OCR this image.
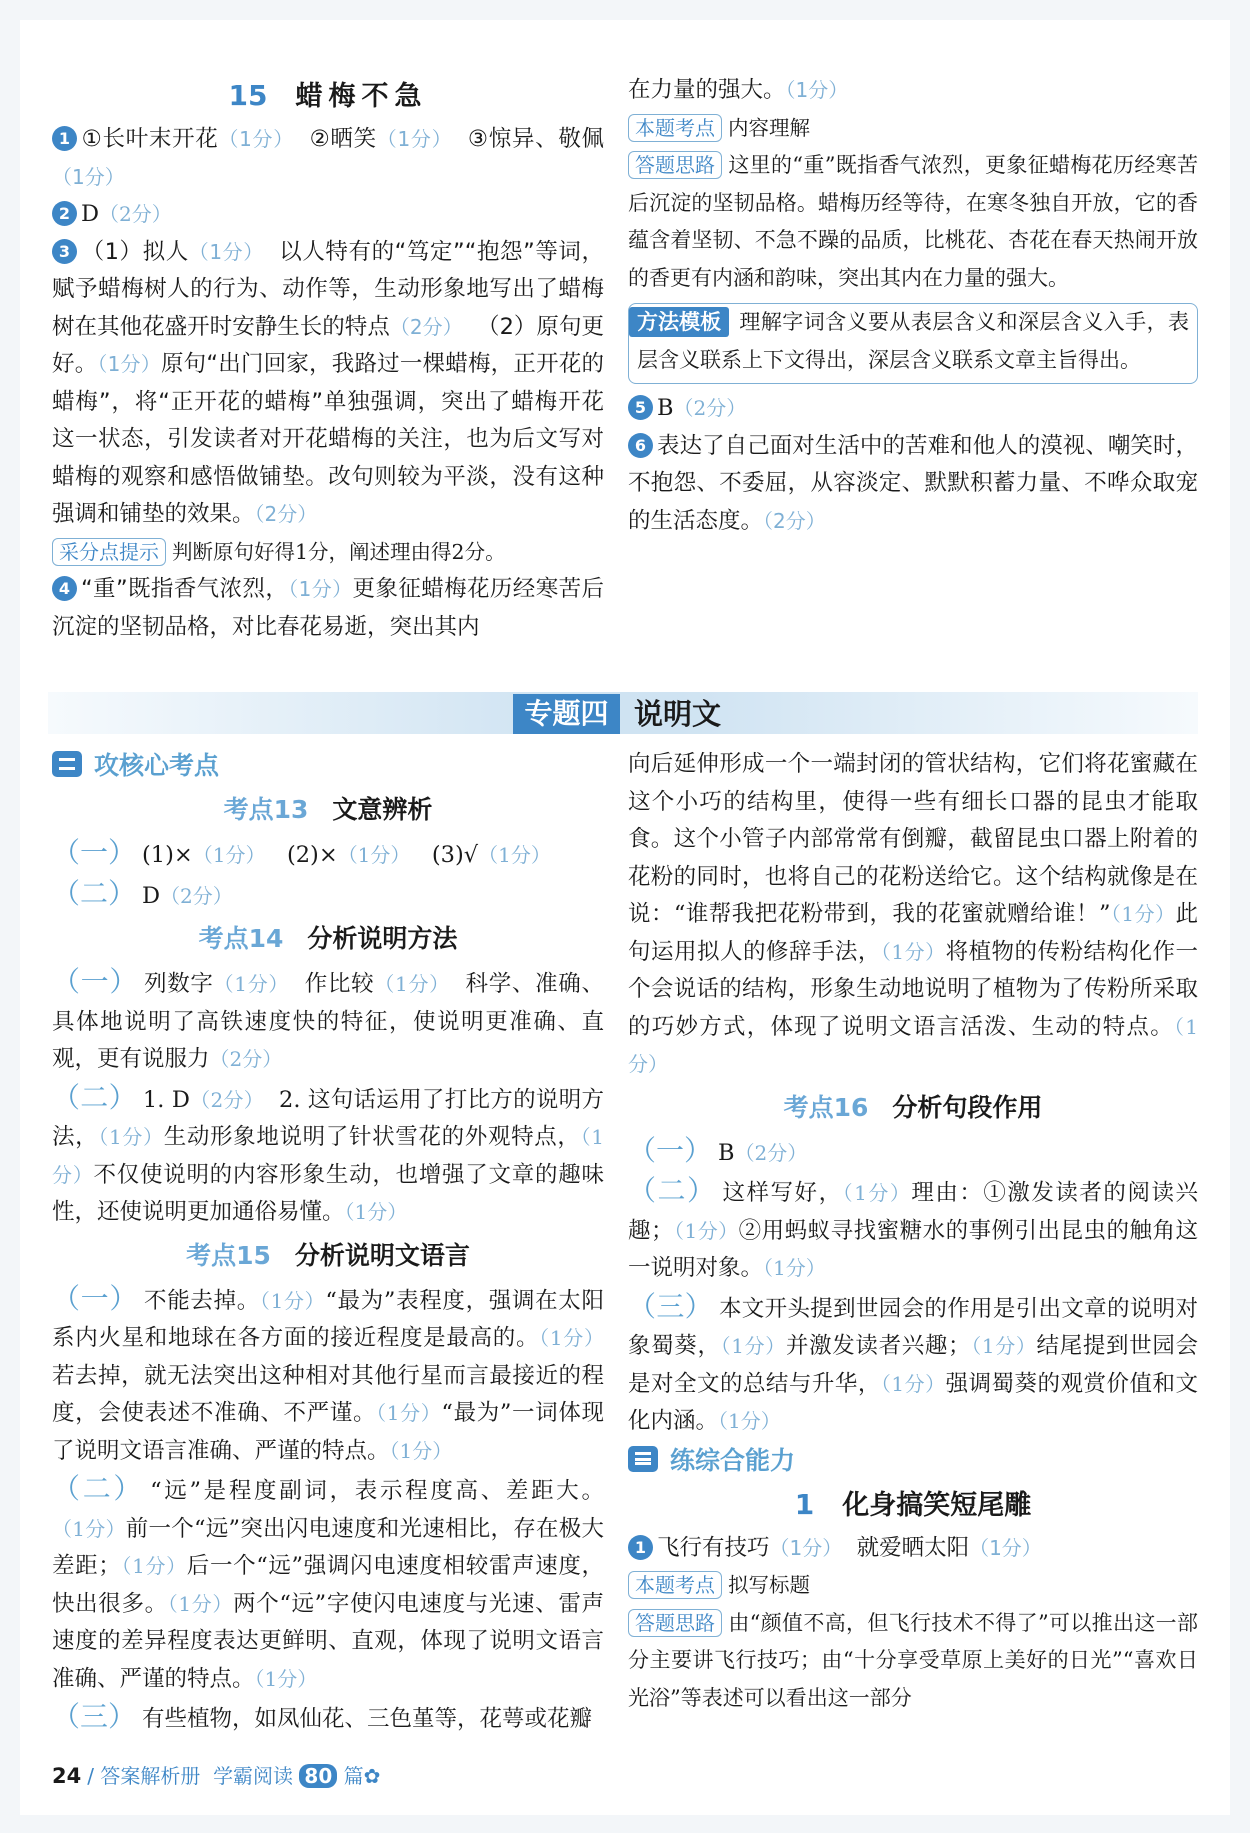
15 蜡梅不急

1 ①长叶末开花（1分） ②晒笑（1分） ③惊异、敬佩（1分）

2 D（2分）

3 （1）拟人（1分） 以人特有的“笃定”“抱怨”等词，赋予蜡梅树人的行为、动作等，生动形象地写出了蜡梅树在其他花盛开时安静生长的特点（2分） （2）原句更好。（1分）原句“出门回家，我路过一棵蜡梅，正开花的蜡梅”，将“正开花的蜡梅”单独强调，突出了蜡梅开花这一状态，引发读者对开花蜡梅的关注，也为后文写对蜡梅的观察和感悟做铺垫。改句则较为平淡，没有这种强调和铺垫的效果。（2分）

采分点提示 判断原句好得1分，阐述理由得2分。

4 “重”既指香气浓烈，（1分）更象征蜡梅花历经寒苦后沉淀的坚韧品格，对比春花易逝，突出其内

在力量的强大。（1分）

本题考点 内容理解

答题思路 这里的“重”既指香气浓烈，更象征蜡梅花历经寒苦后沉淀的坚韧品格。蜡梅历经等待，在寒冬独自开放，它的香蕴含着坚韧、不急不躁的品质，比桃花、杏花在春天热闹开放的香更有内涵和韵味，突出其内在力量的强大。

方法模板 理解字词含义要从表层含义和深层含义入手，表层含义联系上下文得出，深层含义联系文章主旨得出。

5 B（2分）

6 表达了自己面对生活中的苦难和他人的漠视、嘲笑时，不抱怨、不委屈，从容淡定、默默积蓄力量、不哗众取宠的生活态度。（2分）

专题四 说明文

攻核心考点

考点13 文意辨析

（一） (1)×（1分） (2)×（1分） (3)√（1分）

（二） D（2分）

考点14 分析说明方法

（一） 列数字（1分） 作比较（1分） 科学、准确、具体地说明了高铁速度快的特征，使说明更准确、直观，更有说服力（2分）

（二） 1. D（2分） 2. 这句话运用了打比方的说明方法，（1分）生动形象地说明了针状雪花的外观特点，（1分）不仅使说明的内容形象生动，也增强了文章的趣味性，还使说明更加通俗易懂。（1分）

考点15 分析说明文语言

（一） 不能去掉。（1分）“最为”表程度，强调在太阳系内火星和地球在各方面的接近程度是最高的。（1分）若去掉，就无法突出这种相对其他行星而言最接近的程度，会使表述不准确、不严谨。（1分）“最为”一词体现了说明文语言准确、严谨的特点。（1分）

（二） “远”是程度副词，表示程度高、差距大。（1分）前一个“远”突出闪电速度和光速相比，存在极大差距；（1分）后一个“远”强调闪电速度相较雷声速度，快出很多。（1分）两个“远”字使闪电速度与光速、雷声速度的差异程度表达更鲜明、直观，体现了说明文语言准确、严谨的特点。（1分）

（三） 有些植物，如凤仙花、三色堇等，花萼或花瓣

向后延伸形成一个一端封闭的管状结构，它们将花蜜藏在这个小巧的结构里，使得一些有细长口器的昆虫才能取食。这个小管子内部常常有倒瓣，截留昆虫口器上附着的花粉的同时，也将自己的花粉送给它。这个结构就像是在说：“谁帮我把花粉带到，我的花蜜就赠给谁！”（1分）此句运用拟人的修辞手法，（1分）将植物的传粉结构化作一个会说话的结构，形象生动地说明了植物为了传粉所采取的巧妙方式，体现了说明文语言活泼、生动的特点。（1分）

考点16 分析句段作用

（一） B（2分）

（二） 这样写好，（1分）理由：①激发读者的阅读兴趣；（1分）②用蚂蚁寻找蜜糖水的事例引出昆虫的触角这一说明对象。（1分）

（三） 本文开头提到世园会的作用是引出文章的说明对象蜀葵，（1分）并激发读者兴趣；（1分）结尾提到世园会是对全文的总结与升华，（1分）强调蜀葵的观赏价值和文化内涵。（1分）

练综合能力

1 化身搞笑短尾雕

1 飞行有技巧（1分） 就爱晒太阳（1分）

本题考点 拟写标题

答题思路 由“颜值不高，但飞行技术不得了”可以推出这一部分主要讲飞行技巧；由“十分享受草原上美好的日光”“喜欢日光浴”等表述可以看出这一部分

24 / 答案解析册 学霸阅读 80 篇✿
